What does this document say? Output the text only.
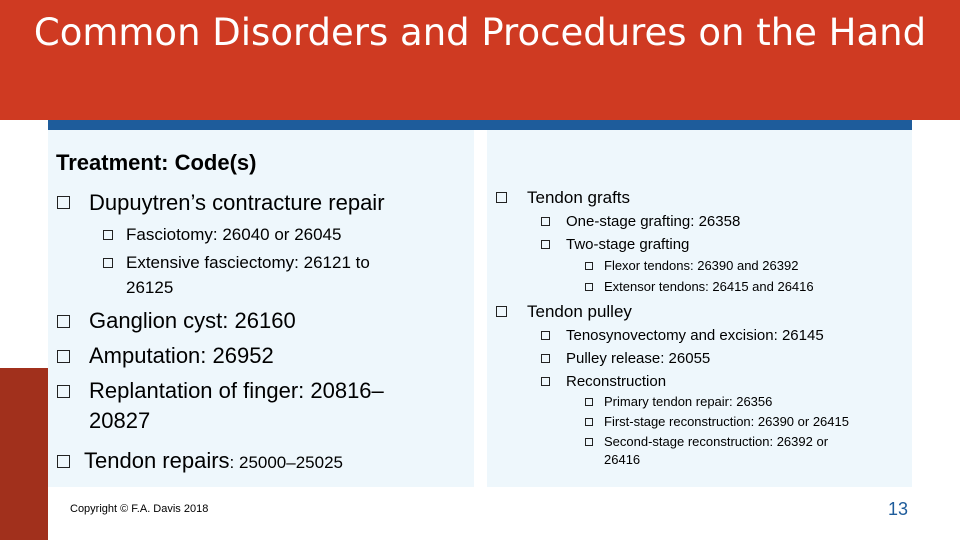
Common Disorders and Procedures on the Hand
Treatment: Code(s)
Dupuytren’s contracture repair
Fasciotomy: 26040 or 26045
Extensive fasciectomy: 26121 to
26125
Ganglion cyst: 26160
Amputation: 26952
Replantation of finger: 20816–
20827
Tendon repairs: 25000–25025
Tendon grafts
One-stage grafting: 26358
Two-stage grafting
Flexor tendons: 26390 and 26392
Extensor tendons: 26415 and 26416
Tendon pulley
Tenosynovectomy and excision: 26145
Pulley release: 26055
Reconstruction
Primary tendon repair: 26356
First-stage reconstruction: 26390 or 26415
Second-stage reconstruction: 26392 or
26416
Copyright © F.A. Davis 2018	13
